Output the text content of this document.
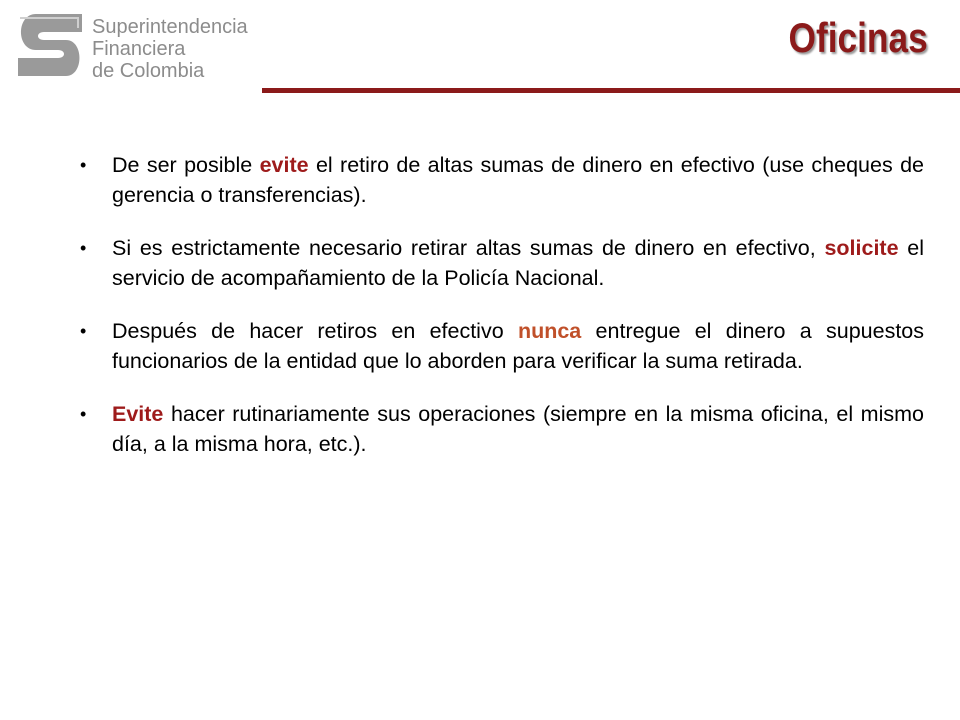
Superintendencia
Financiera
de Colombia
Oficinas
• De ser posible evite el retiro de altas sumas de dinero en efectivo (use cheques de gerencia o transferencias).
• Si es estrictamente necesario retirar altas sumas de dinero en efectivo, solicite el servicio de acompañamiento de la Policía Nacional.
• Después de hacer retiros en efectivo nunca entregue el dinero a supuestos funcionarios de la entidad que lo aborden para verificar la suma retirada.
• Evite hacer rutinariamente sus operaciones (siempre en la misma oficina, el mismo día, a la misma hora, etc.).
